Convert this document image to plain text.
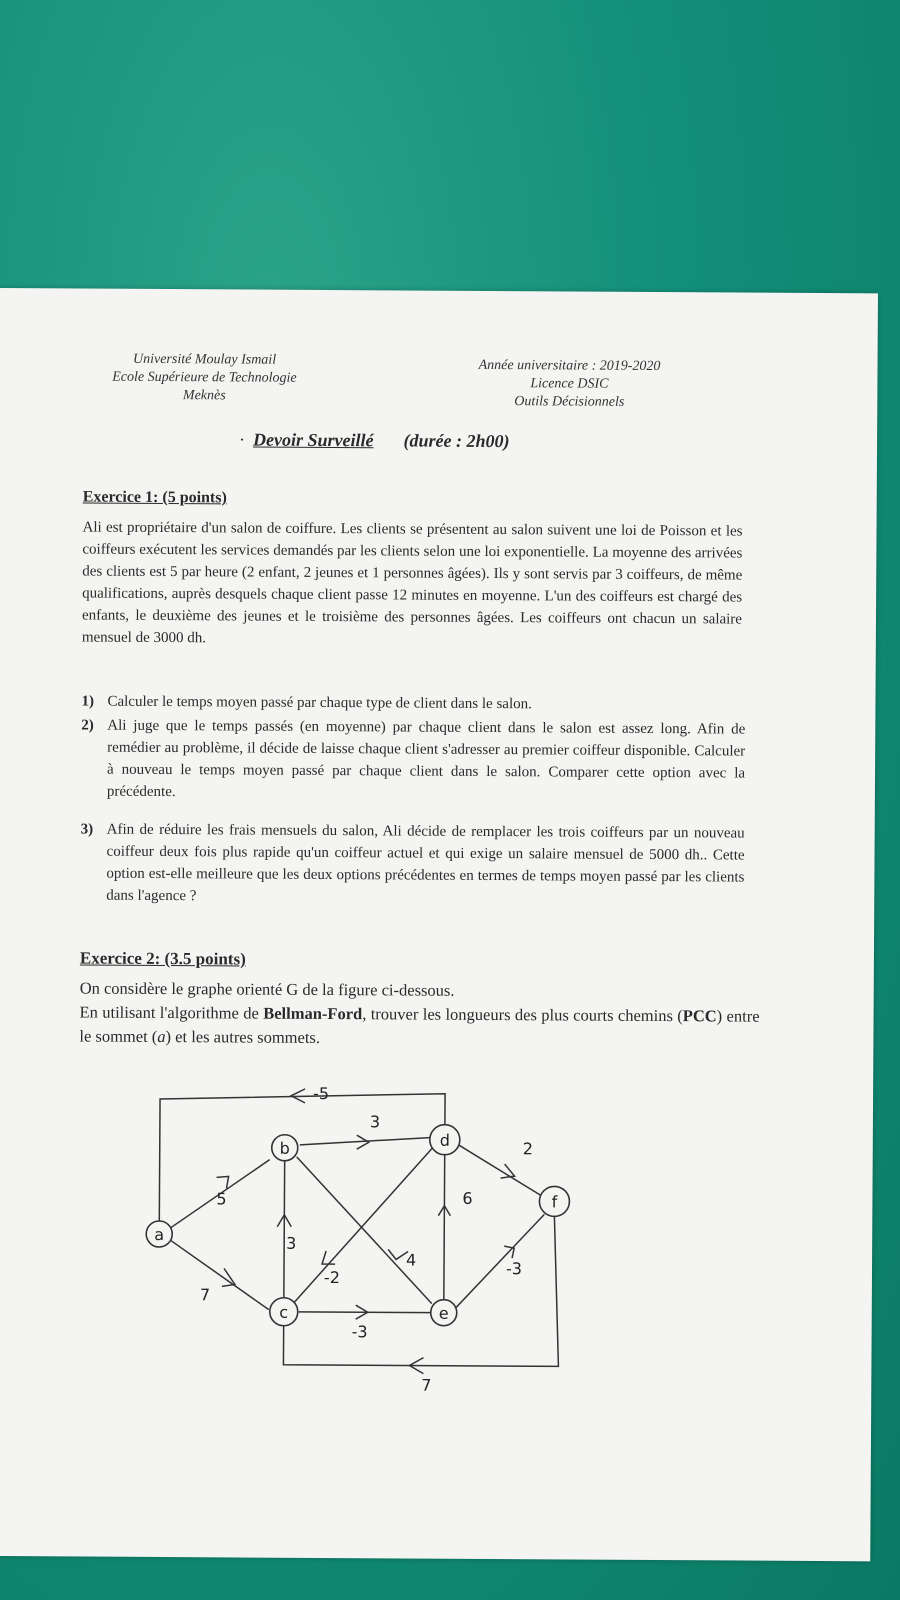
Université Moulay Ismail
Ecole Supérieure de Technologie
Meknès
Année universitaire : 2019-2020
Licence DSIC
Outils Décisionnels
· Devoir Surveillé (durée : 2h00)
Exercice 1: (5 points)
Ali est propriétaire d'un salon de coiffure. Les clients se présentent au salon suivent une loi de Poisson et les coiffeurs exécutent les services demandés par les clients selon une loi exponentielle. La moyenne des arrivées des clients est 5 par heure (2 enfant, 2 jeunes et 1 personnes âgées). Ils y sont servis par 3 coiffeurs, de même qualifications, auprès desquels chaque client passe 12 minutes en moyenne. L'un des coiffeurs est chargé des enfants, le deuxième des jeunes et le troisième des personnes âgées. Les coiffeurs ont chacun un salaire mensuel de 3000 dh.
1) Calculer le temps moyen passé par chaque type de client dans le salon.
2) Ali juge que le temps passés (en moyenne) par chaque client dans le salon est assez long. Afin de remédier au problème, il décide de laisse chaque client s'adresser au premier coiffeur disponible. Calculer à nouveau le temps moyen passé par chaque client dans le salon. Comparer cette option avec la précédente.
3) Afin de réduire les frais mensuels du salon, Ali décide de remplacer les trois coiffeurs par un nouveau coiffeur deux fois plus rapide qu'un coiffeur actuel et qui exige un salaire mensuel de 5000 dh.. Cette option est-elle meilleure que les deux options précédentes en termes de temps moyen passé par les clients dans l'agence ?
Exercice 2: (3.5 points)
On considère le graphe orienté G de la figure ci-dessous.
En utilisant l'algorithme de Bellman-Ford, trouver les longueurs des plus courts chemins (PCC) entre le sommet (a) et les autres sommets.
a
b
c
d
e
f
-5
3
5
7
3
-2
4
6
2
-3
-3
7
